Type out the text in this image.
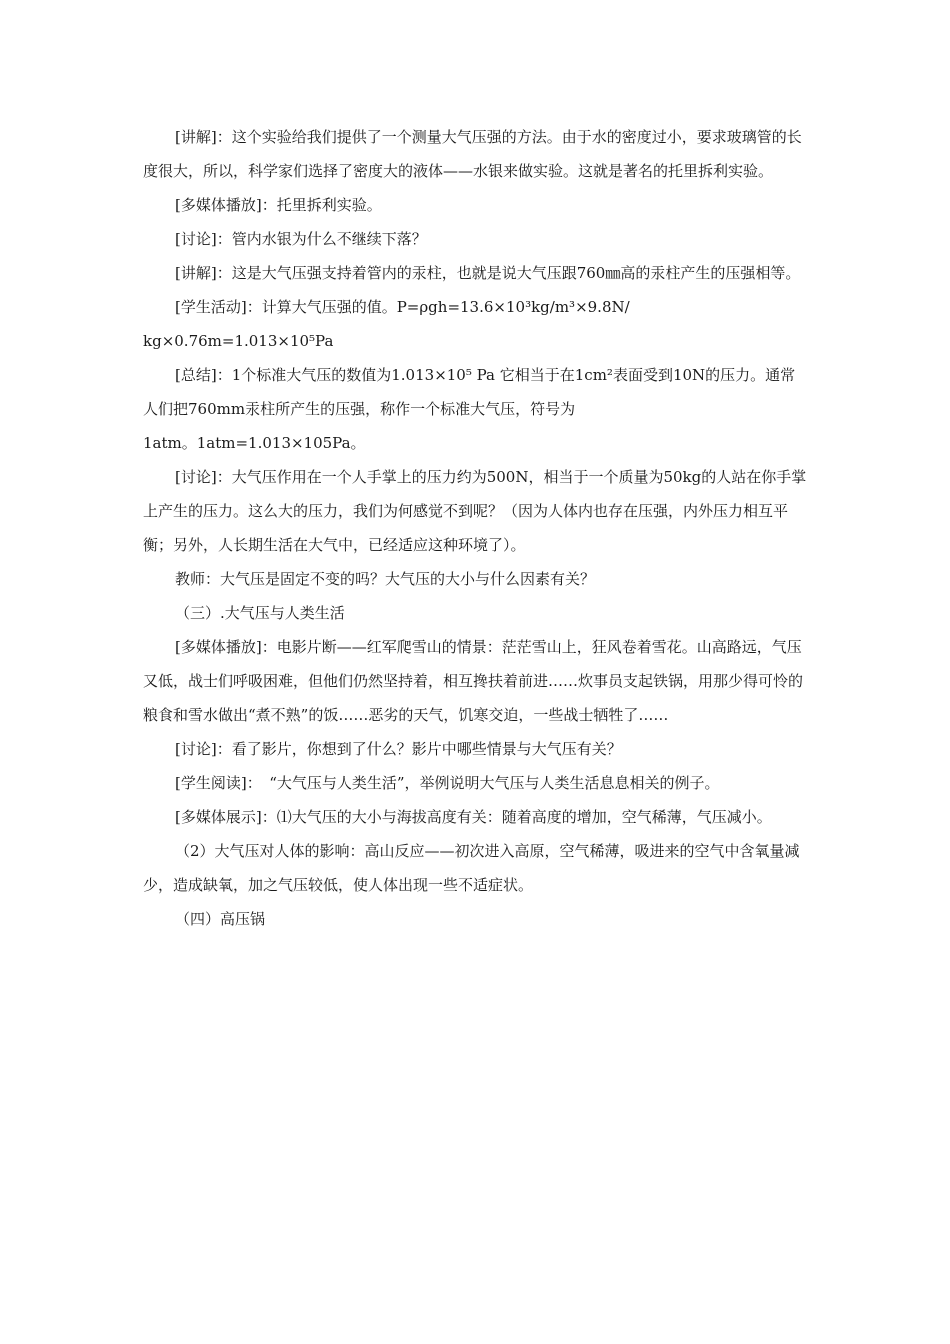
[讲解]：这个实验给我们提供了一个测量大气压强的方法。由于水的密度过小，要求玻璃管的长度很大，所以，科学家们选择了密度大的液体——水银来做实验。这就是著名的托里拆利实验。

[多媒体播放]：托里拆利实验。

[讨论]：管内水银为什么不继续下落？

[讲解]：这是大气压强支持着管内的汞柱，也就是说大气压跟760㎜高的汞柱产生的压强相等。

[学生活动]：计算大气压强的值。P=ρgh=13.6×10³kg/m³×9.8N/

kg×0.76m=1.013×10⁵Pa

[总结]：1个标准大气压的数值为1.013×10⁵ Pa 它相当于在1cm²表面受到10N的压力。通常人们把760mm汞柱所产生的压强，称作一个标准大气压，符号为

1atm。1atm=1.013×105Pa。

[讨论]：大气压作用在一个人手掌上的压力约为500N，相当于一个质量为50kg的人站在你手掌上产生的压力。这么大的压力，我们为何感觉不到呢？（因为人体内也存在压强，内外压力相互平衡；另外，人长期生活在大气中，已经适应这种环境了）。

教师：大气压是固定不变的吗？大气压的大小与什么因素有关？

（三）.大气压与人类生活

[多媒体播放]：电影片断——红军爬雪山的情景：茫茫雪山上，狂风卷着雪花。山高路远，气压又低，战士们呼吸困难，但他们仍然坚持着，相互搀扶着前进……炊事员支起铁锅，用那少得可怜的粮食和雪水做出“煮不熟”的饭……恶劣的天气，饥寒交迫，一些战士牺牲了……

[讨论]：看了影片，你想到了什么？影片中哪些情景与大气压有关？

[学生阅读]：　“大气压与人类生活”，举例说明大气压与人类生活息息相关的例子。

[多媒体展示]：⑴大气压的大小与海拔高度有关：随着高度的增加，空气稀薄，气压减小。

（2）大气压对人体的影响：高山反应——初次进入高原，空气稀薄，吸进来的空气中含氧量减少，造成缺氧，加之气压较低，使人体出现一些不适症状。

（四）高压锅
